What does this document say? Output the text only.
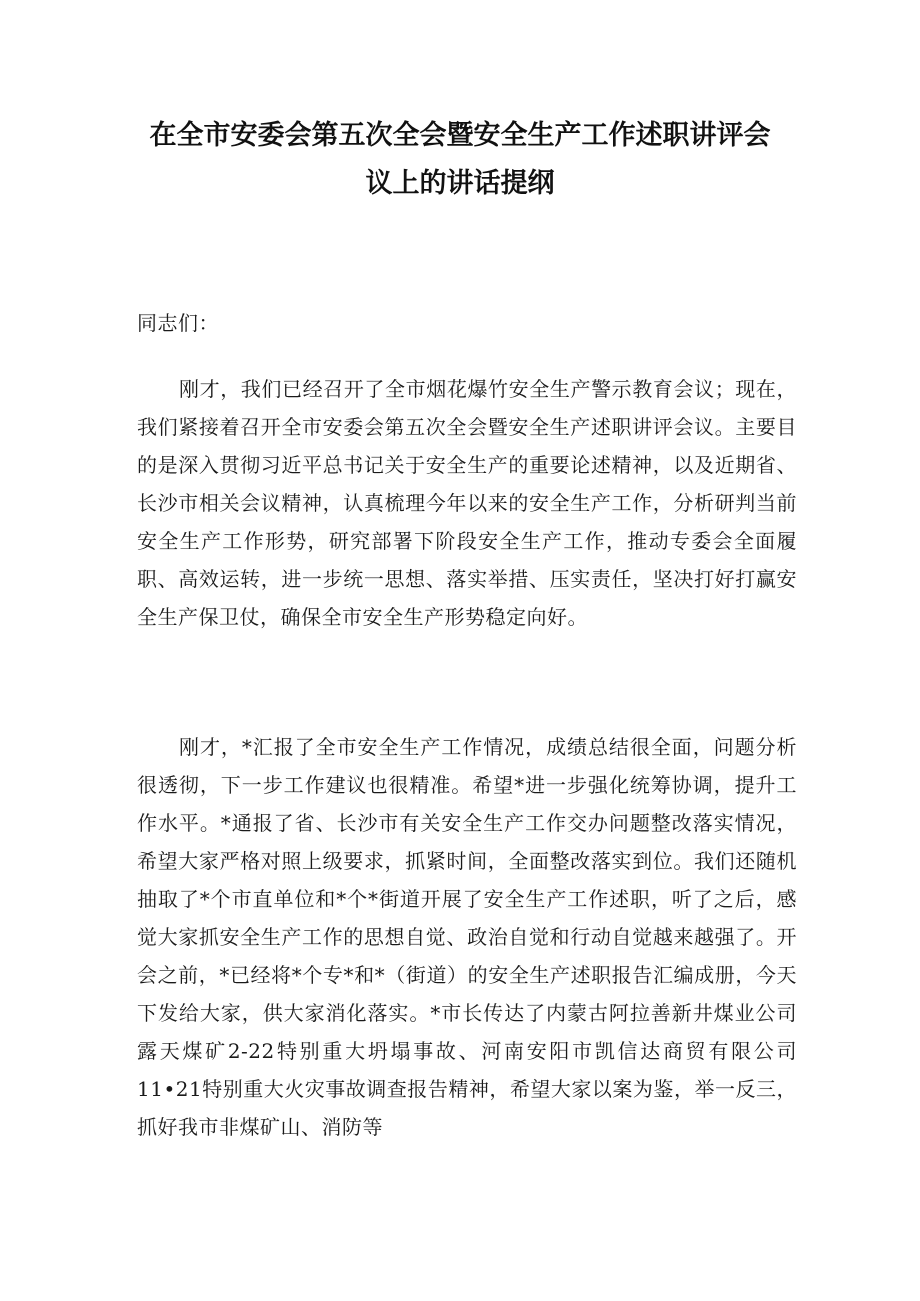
在全市安委会第五次全会暨安全生产工作述职讲评会
议上的讲话提纲
同志们：

刚才，我们已经召开了全市烟花爆竹安全生产警示教育会议；现在，我们紧接着召开全市安委会第五次全会暨安全生产述职讲评会议。主要目的是深入贯彻习近平总书记关于安全生产的重要论述精神，以及近期省、长沙市相关会议精神，认真梳理今年以来的安全生产工作，分析研判当前安全生产工作形势，研究部署下阶段安全生产工作，推动专委会全面履职、高效运转，进一步统一思想、落实举措、压实责任，坚决打好打赢安全生产保卫仗，确保全市安全生产形势稳定向好。

刚才，*汇报了全市安全生产工作情况，成绩总结很全面，问题分析很透彻，下一步工作建议也很精准。希望*进一步强化统筹协调，提升工作水平。*通报了省、长沙市有关安全生产工作交办问题整改落实情况，希望大家严格对照上级要求，抓紧时间，全面整改落实到位。我们还随机抽取了*个市直单位和*个*街道开展了安全生产工作述职，听了之后，感觉大家抓安全生产工作的思想自觉、政治自觉和行动自觉越来越强了。开会之前，*已经将*个专*和*（街道）的安全生产述职报告汇编成册，今天下发给大家，供大家消化落实。*市长传达了内蒙古阿拉善新井煤业公司露天煤矿2-22特别重大坍塌事故、河南安阳市凯信达商贸有限公司11•21特别重大火灾事故调查报告精神，希望大家以案为鉴，举一反三，抓好我市非煤矿山、消防等
